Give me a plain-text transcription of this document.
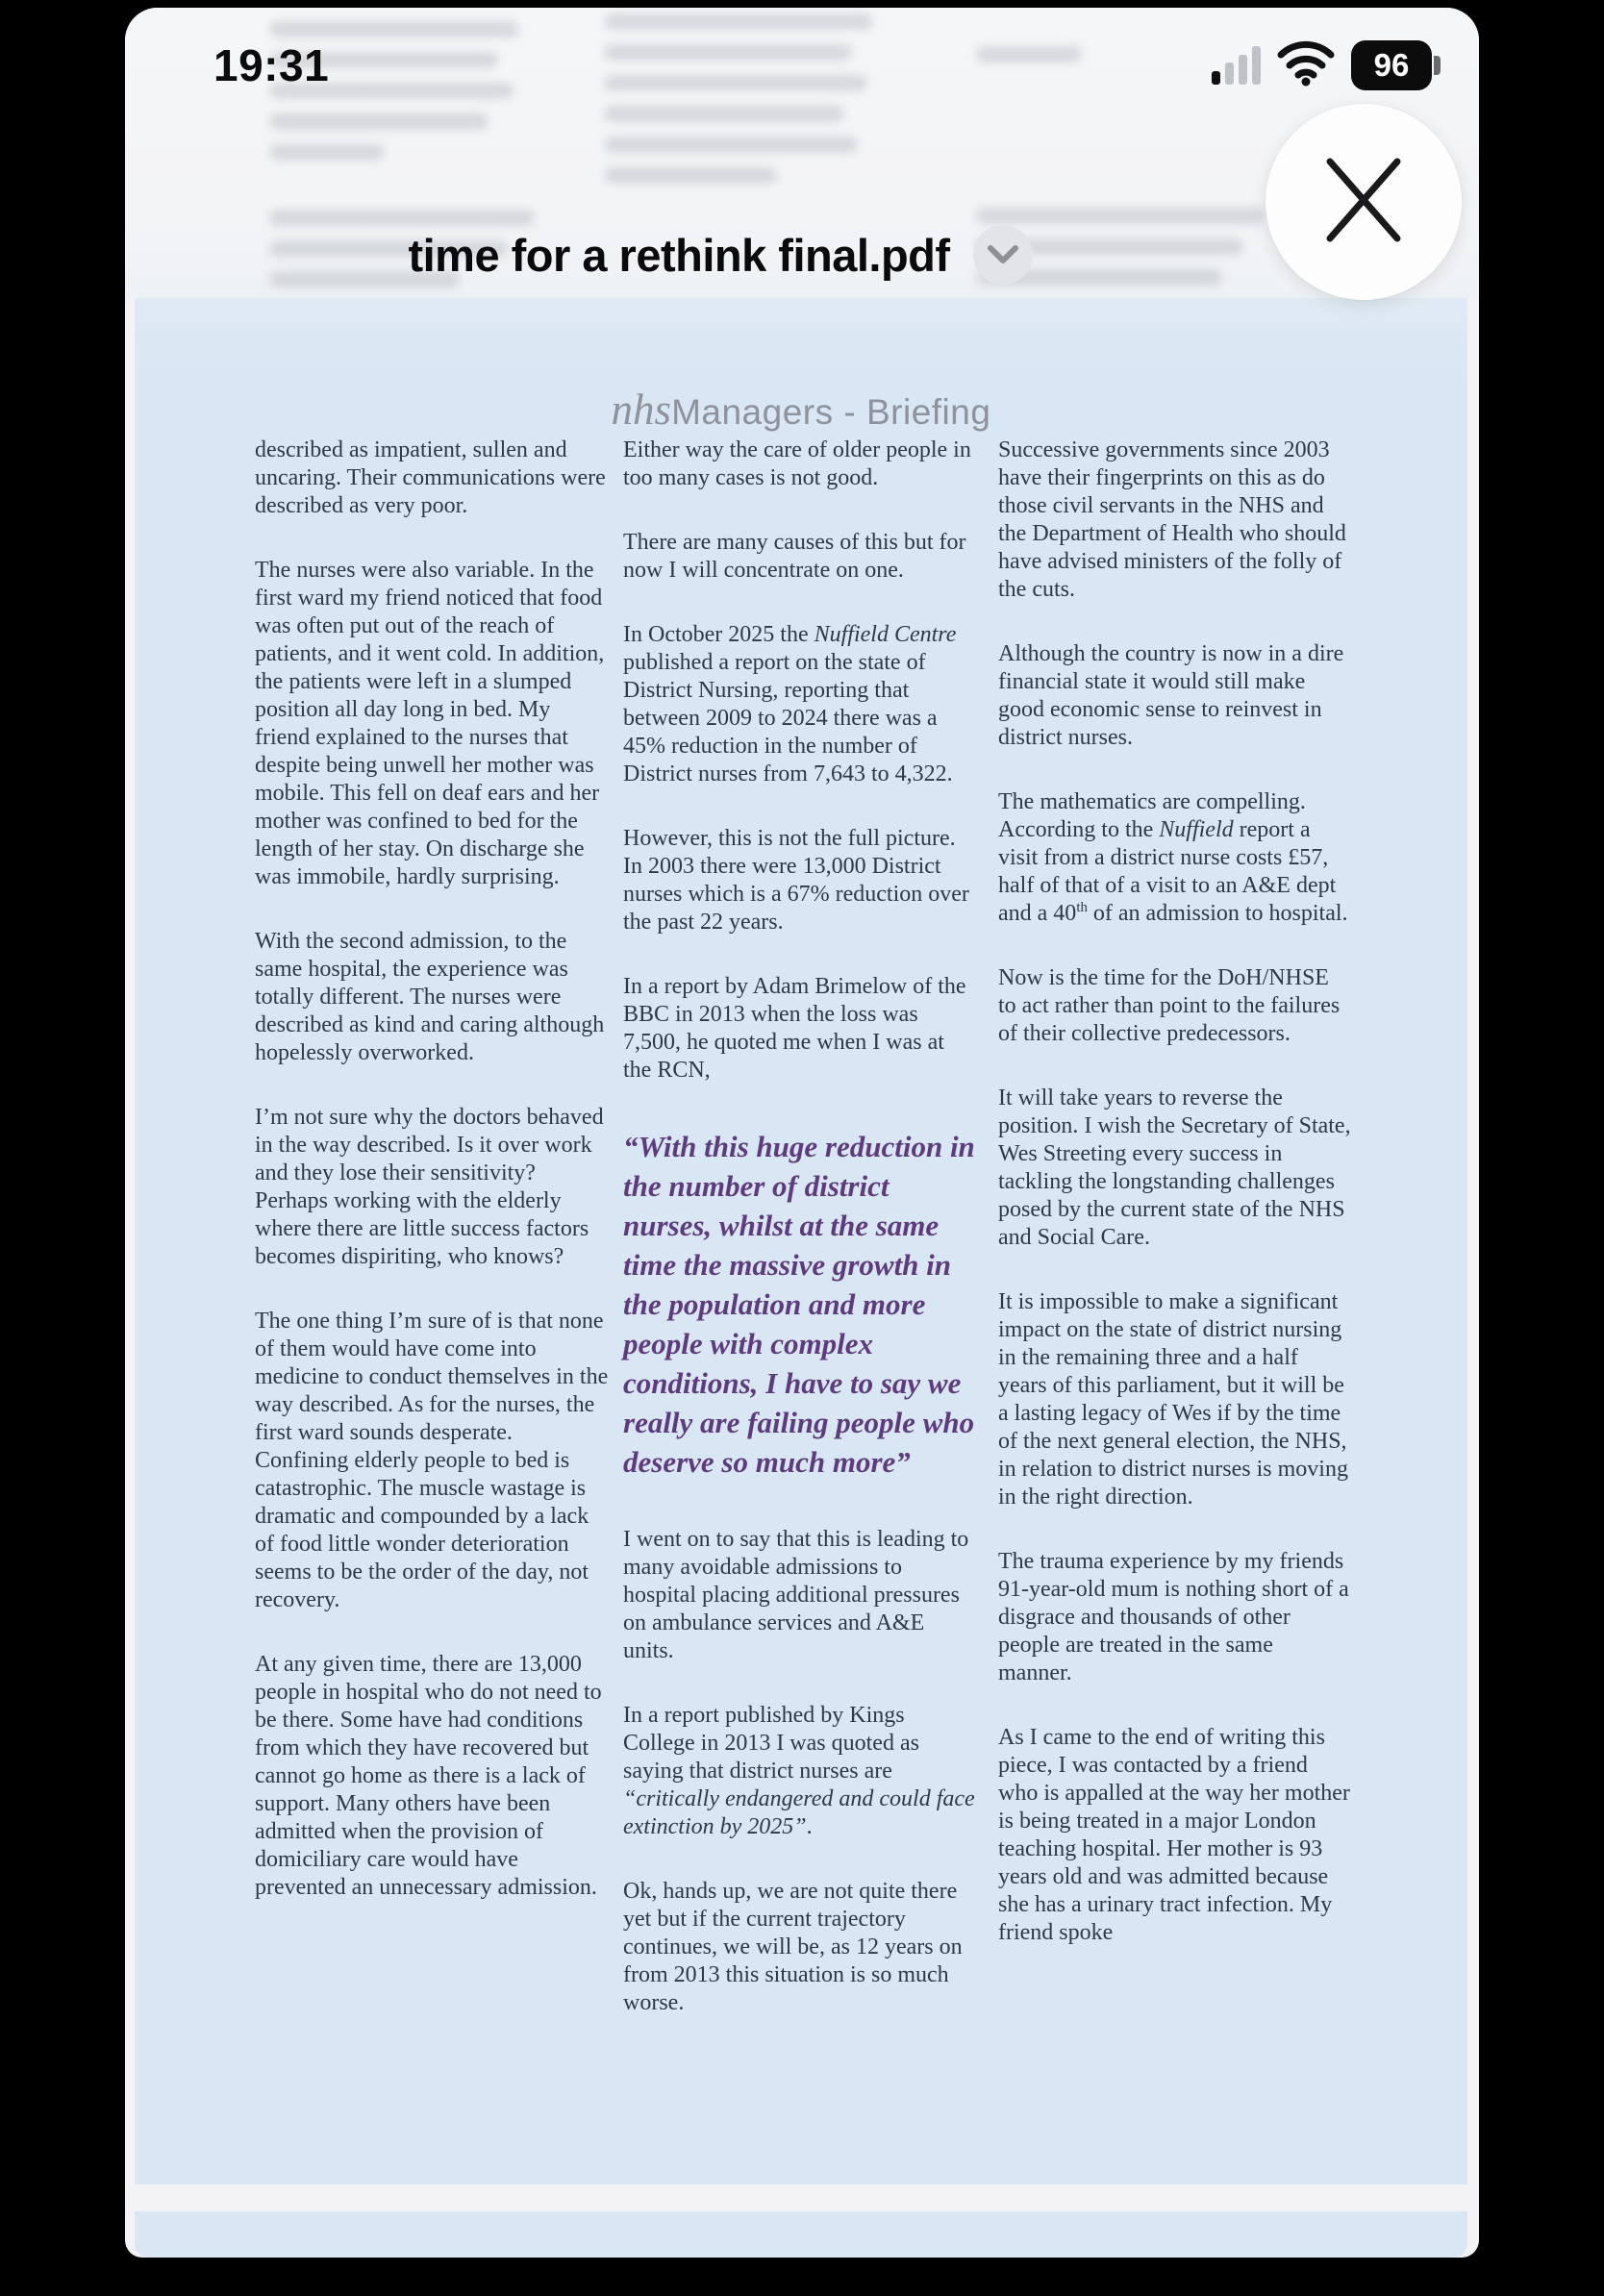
nhs Managers - Briefing

described as impatient, sullen and uncaring. Their communications were described as very poor.

The nurses were also variable. In the first ward my friend noticed that food was often put out of the reach of patients, and it went cold. In addition, the patients were left in a slumped position all day long in bed. My friend explained to the nurses that despite being unwell her mother was mobile. This fell on deaf ears and her mother was confined to bed for the length of her stay. On discharge she was immobile, hardly surprising.

With the second admission, to the same hospital, the experience was totally different. The nurses were described as kind and caring although hopelessly overworked.

I’m not sure why the doctors behaved in the way described. Is it over work and they lose their sensitivity? Perhaps working with the elderly where there are little success factors becomes dispiriting, who knows?

The one thing I’m sure of is that none of them would have come into medicine to conduct themselves in the way described. As for the nurses, the first ward sounds desperate. Confining elderly people to bed is catastrophic. The muscle wastage is dramatic and compounded by a lack of food little wonder deterioration seems to be the order of the day, not recovery.

At any given time, there are 13,000 people in hospital who do not need to be there. Some have had conditions from which they have recovered but cannot go home as there is a lack of support. Many others have been admitted when the provision of domiciliary care would have prevented an unnecessary admission.

Either way the care of older people in too many cases is not good.

There are many causes of this but for now I will concentrate on one.

In October 2025 the Nuffield Centre published a report on the state of District Nursing, reporting that between 2009 to 2024 there was a 45% reduction in the number of District nurses from 7,643 to 4,322.

However, this is not the full picture. In 2003 there were 13,000 District nurses which is a 67% reduction over the past 22 years.

In a report by Adam Brimelow of the BBC in 2013 when the loss was 7,500, he quoted me when I was at the RCN,

“With this huge reduction in the number of district nurses, whilst at the same time the massive growth in the population and more people with complex conditions, I have to say we really are failing people who deserve so much more”

I went on to say that this is leading to many avoidable admissions to hospital placing additional pressures on ambulance services and A&E units.

In a report published by Kings College in 2013 I was quoted as saying that district nurses are “critically endangered and could face extinction by 2025”.

Ok, hands up, we are not quite there yet but if the current trajectory continues, we will be, as 12 years on from 2013 this situation is so much worse.

Successive governments since 2003 have their fingerprints on this as do those civil servants in the NHS and the Department of Health who should have advised ministers of the folly of the cuts.

Although the country is now in a dire financial state it would still make good economic sense to reinvest in district nurses.

The mathematics are compelling. According to the Nuffield report a visit from a district nurse costs £57, half of that of a visit to an A&E dept and a 40th of an admission to hospital.

Now is the time for the DoH/NHSE to act rather than point to the failures of their collective predecessors.

It will take years to reverse the position. I wish the Secretary of State, Wes Streeting every success in tackling the longstanding challenges posed by the current state of the NHS and Social Care.

It is impossible to make a significant impact on the state of district nursing in the remaining three and a half years of this parliament, but it will be a lasting legacy of Wes if by the time of the next general election, the NHS, in relation to district nurses is moving in the right direction.

The trauma experience by my friends 91-year-old mum is nothing short of a disgrace and thousands of other people are treated in the same manner.

As I came to the end of writing this piece, I was contacted by a friend who is appalled at the way her mother is being treated in a major London teaching hospital. Her mother is 93 years old and was admitted because she has a urinary tract infection. My friend spoke

19:31	96
time for a rethink final.pdf
